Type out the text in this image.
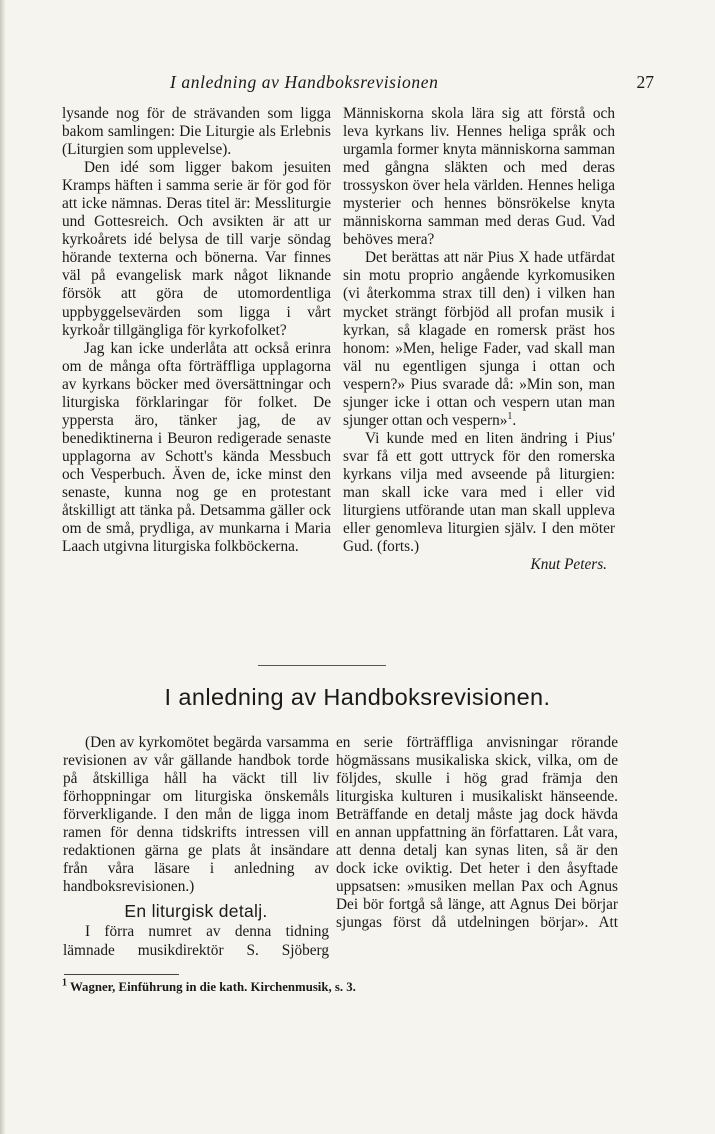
I anledning av Handboksrevisionen	27

lysande nog för de strävanden som ligga bakom samlingen: Die Liturgie als Erlebnis (Liturgien som upplevelse).

Den idé som ligger bakom jesuiten Kramps häften i samma serie är för god för att icke nämnas. Deras titel är: Messliturgie und Gottesreich. Och avsikten är att ur kyrkoårets idé belysa de till varje söndag hörande texterna och bönerna. Var finnes väl på evangelisk mark något liknande försök att göra de utomordentliga uppbyggelsevärden som ligga i vårt kyrkoår tillgängliga för kyrkofolket?

Jag kan icke underlåta att också erinra om de många ofta förträffliga upplagorna av kyrkans böcker med översättningar och liturgiska förklaringar för folket. De yppersta äro, tänker jag, de av benediktinerna i Beuron redigerade senaste upplagorna av Schott's kända Messbuch och Vesperbuch. Även de, icke minst den senaste, kunna nog ge en protestant åtskilligt att tänka på. Detsamma gäller ock om de små, prydliga, av munkarna i Maria Laach utgivna liturgiska folkböckerna.

Människorna skola lära sig att förstå och leva kyrkans liv. Hennes heliga språk och urgamla former knyta människorna samman med gångna släkten och med deras trossyskon över hela världen. Hennes heliga mysterier och hennes bönsrökelse knyta människorna samman med deras Gud. Vad behöves mera?

Det berättas att när Pius X hade utfärdat sin motu proprio angående kyrkomusiken (vi återkomma strax till den) i vilken han mycket strängt förbjöd all profan musik i kyrkan, så klagade en romersk präst hos honom: »Men, helige Fader, vad skall man väl nu egentligen sjunga i ottan och vespern?» Pius svarade då: »Min son, man sjunger icke i ottan och vespern utan man sjunger ottan och vespern»$^1$.

Vi kunde med en liten ändring i Pius' svar få ett gott uttryck för den romerska kyrkans vilja med avseende på liturgien: man skall icke vara med i eller vid liturgiens utförande utan man skall uppleva eller genomleva liturgien själv. I den möter Gud. (forts.)

Knut Peters.

I anledning av Handboksrevisionen.

(Den av kyrkomötet begärda varsamma revisionen av vår gällande handbok torde på åtskilliga håll ha väckt till liv förhoppningar om liturgiska önskemåls förverkligande. I den mån de ligga inom ramen för denna tidskrifts intressen vill redaktionen gärna ge plats åt insändare från våra läsare i anledning av handboksrevisionen.)

En liturgisk detalj.

I förra numret av denna tidning lämnade musikdirektör S. Sjöberg

en serie förträffliga anvisningar rörande högmässans musikaliska skick, vilka, om de följdes, skulle i hög grad främja den liturgiska kulturen i musikaliskt hänseende. Beträffande en detalj måste jag dock hävda en annan uppfattning än författaren. Låt vara, att denna detalj kan synas liten, så är den dock icke oviktig. Det heter i den åsyftade uppsatsen: »musiken mellan Pax och Agnus Dei bör fortgå så länge, att Agnus Dei börjar sjungas först då utdelningen börjar». Att

$^1$ Wagner, Einführung in die kath. Kirchenmusik, s. 3.
